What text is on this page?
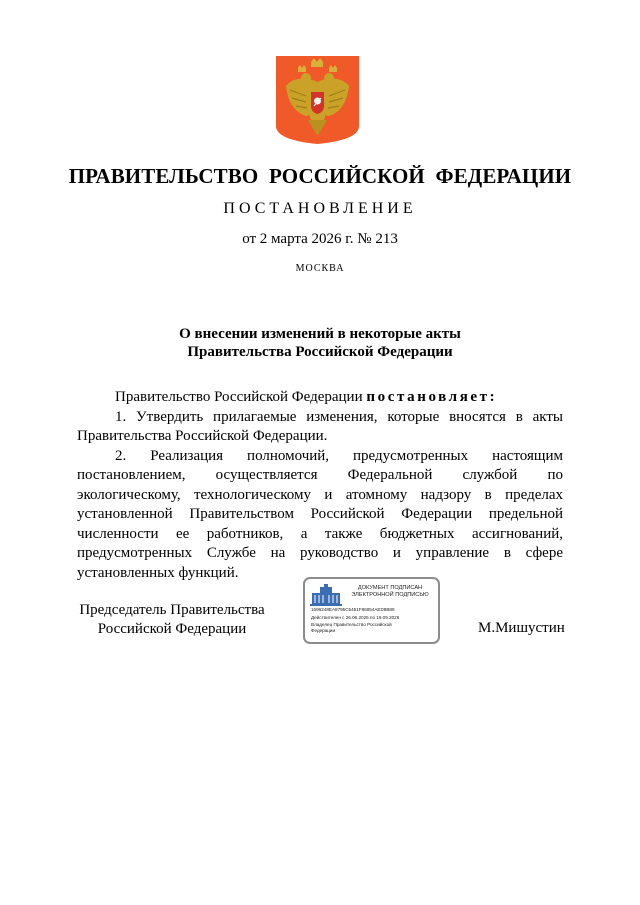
ПРАВИТЕЛЬСТВО  РОССИЙСКОЙ  ФЕДЕРАЦИИ
ПОСТАНОВЛЕНИЕ
от 2 марта 2026 г. № 213
МОСКВА
О внесении изменений в некоторые акты
Правительства Российской Федерации

Правительство Российской Федерации постановляет:

1. Утвердить прилагаемые изменения, которые вносятся в акты Правительства Российской Федерации.

2. Реализация полномочий, предусмотренных настоящим постановлением, осуществляется Федеральной службой по экологическому, технологическому и атомному надзору в пределах установленной Правительством Российской Федерации предельной численности ее работников, а также бюджетных ассигнований, предусмотренных Службе на руководство и управление в сфере установленных функций.

Председатель Правительства
Российской Федерации
ДОКУМЕНТ ПОДПИСАН
ЭЛЕКТРОННОЙ ПОДПИСЬЮ
1696248EA8795C5451F86854AED8B89
Действителен с 26.06.2025 по 19.09.2026
Владелец Правительство Российской
Федерации	М.Мишустин
